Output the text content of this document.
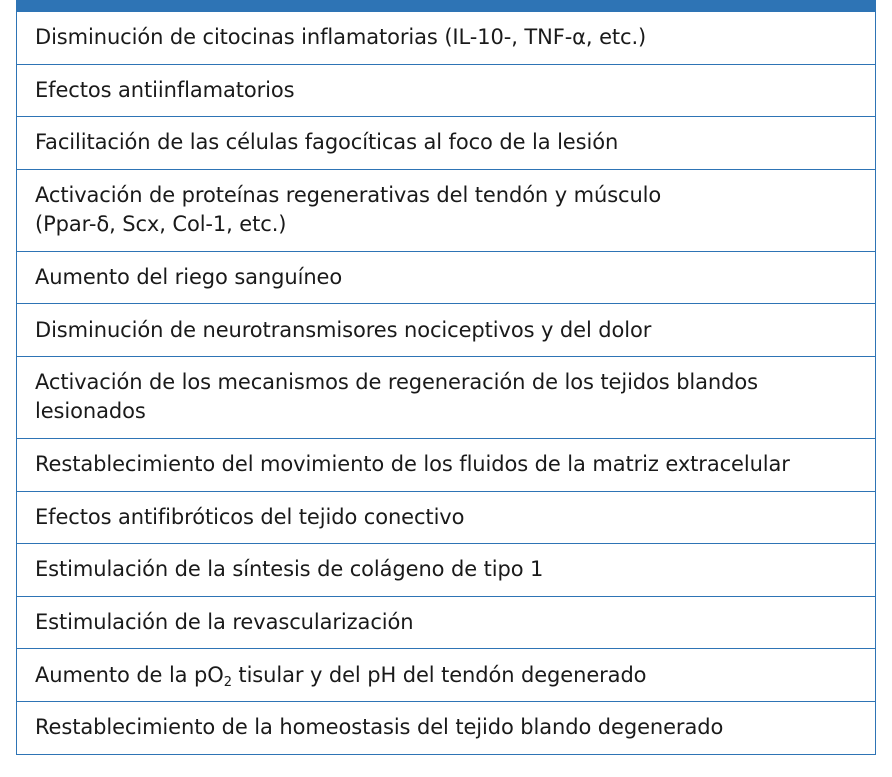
Disminución de citocinas inflamatorias (IL-10-, TNF-α, etc.)
Efectos antiinflamatorios
Facilitación de las células fagocíticas al foco de la lesión
Activación de proteínas regenerativas del tendón y músculo
(Ppar-δ, Scx, Col-1, etc.)
Aumento del riego sanguíneo
Disminución de neurotransmisores nociceptivos y del dolor
Activación de los mecanismos de regeneración de los tejidos blandos
lesionados
Restablecimiento del movimiento de los fluidos de la matriz extracelular
Efectos antifibróticos del tejido conectivo
Estimulación de la síntesis de colágeno de tipo 1
Estimulación de la revascularización
Aumento de la $pO_2$ tisular y del pH del tendón degenerado
Restablecimiento de la homeostasis del tejido blando degenerado
